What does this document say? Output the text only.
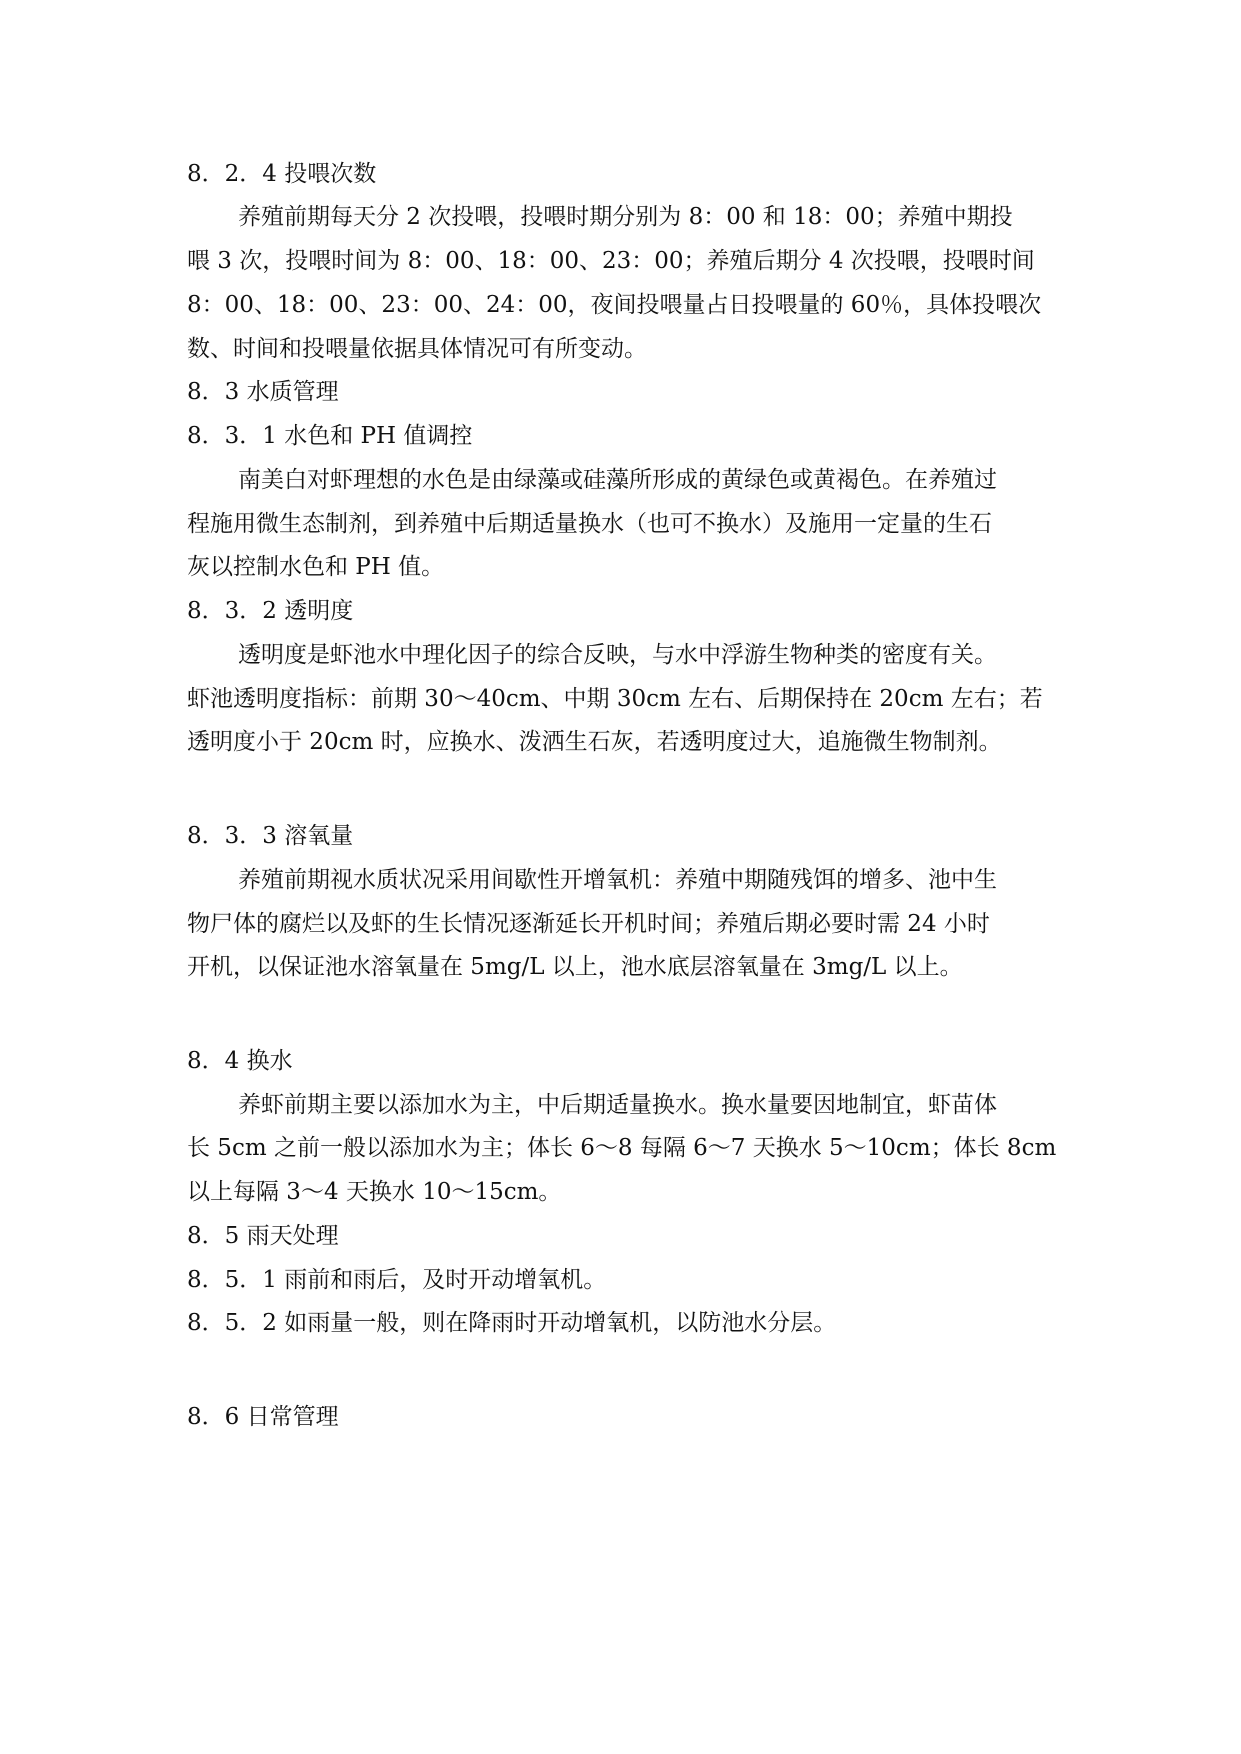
8．2．4 投喂次数
养殖前期每天分 2 次投喂，投喂时期分别为 8：00 和 18：00；养殖中期投
喂 3 次，投喂时间为 8：00、18：00、23：00；养殖后期分 4 次投喂，投喂时间
8：00、18：00、23：00、24：00，夜间投喂量占日投喂量的 60％，具体投喂次
数、时间和投喂量依据具体情况可有所变动。
8．3 水质管理
8．3．1 水色和 PH 值调控
南美白对虾理想的水色是由绿藻或硅藻所形成的黄绿色或黄褐色。在养殖过
程施用微生态制剂，到养殖中后期适量换水（也可不换水）及施用一定量的生石
灰以控制水色和 PH 值。
8．3．2 透明度
透明度是虾池水中理化因子的综合反映，与水中浮游生物种类的密度有关。
虾池透明度指标：前期 30～40cm、中期 30cm 左右、后期保持在 20cm 左右；若
透明度小于 20cm 时，应换水、泼洒生石灰，若透明度过大，追施微生物制剂。
8．3．3 溶氧量
养殖前期视水质状况采用间歇性开增氧机：养殖中期随残饵的增多、池中生
物尸体的腐烂以及虾的生长情况逐渐延长开机时间；养殖后期必要时需 24 小时
开机，以保证池水溶氧量在 5mg/L 以上，池水底层溶氧量在 3mg/L 以上。
8．4 换水
养虾前期主要以添加水为主，中后期适量换水。换水量要因地制宜，虾苗体
长 5cm 之前一般以添加水为主；体长 6～8 每隔 6～7 天换水 5～10cm；体长 8cm
以上每隔 3～4 天换水 10～15cm。
8．5 雨天处理
8．5．1 雨前和雨后，及时开动增氧机。
8．5．2 如雨量一般，则在降雨时开动增氧机，以防池水分层。
8．6 日常管理
